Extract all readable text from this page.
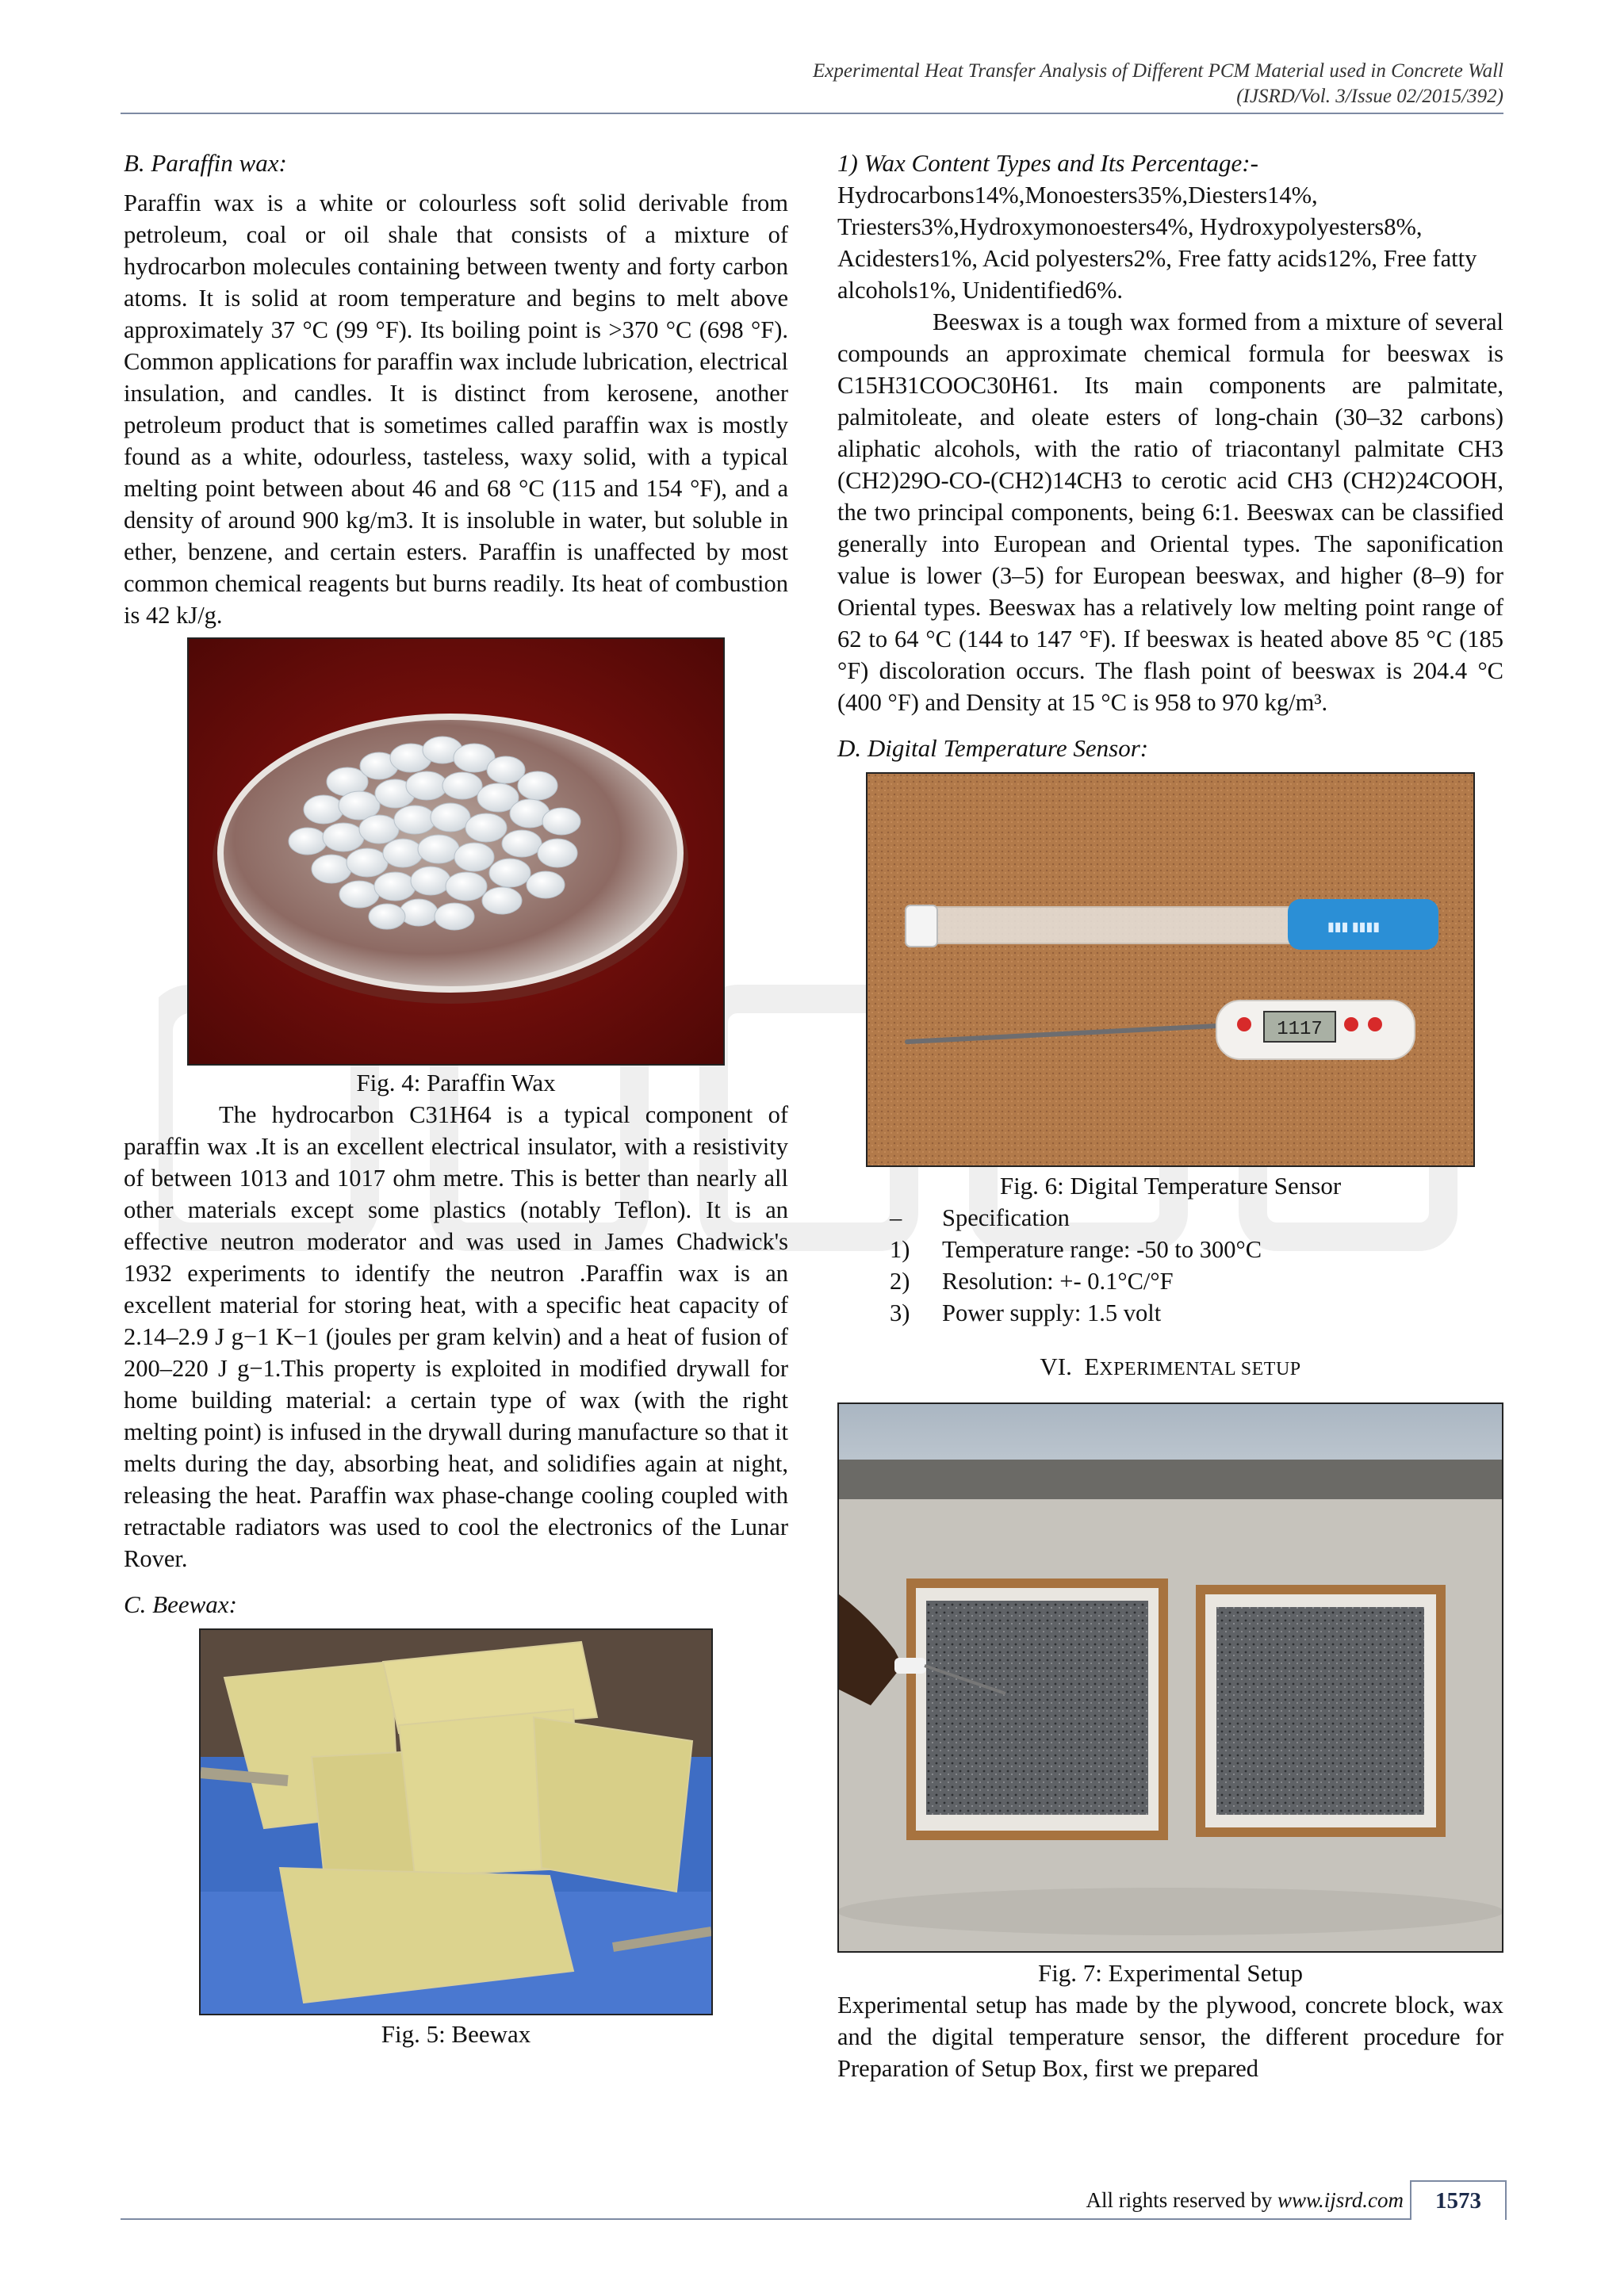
Experimental Heat Transfer Analysis of Different PCM Material used in Concrete Wall
(IJSRD/Vol. 3/Issue 02/2015/392)
B. Paraffin wax:

Paraffin wax is a white or colourless soft solid derivable from petroleum, coal or oil shale that consists of a mixture of hydrocarbon molecules containing between twenty and forty carbon atoms. It is solid at room temperature and begins to melt above approximately 37 °C (99 °F). Its boiling point is >370 °C (698 °F). Common applications for paraffin wax include lubrication, electrical insulation, and candles. It is distinct from kerosene, another petroleum product that is sometimes called paraffin wax is mostly found as a white, odourless, tasteless, waxy solid, with a typical melting point between about 46 and 68 °C (115 and 154 °F), and a density of around 900 kg/m3. It is insoluble in water, but soluble in ether, benzene, and certain esters. Paraffin is unaffected by most common chemical reagents but burns readily. Its heat of combustion is 42 kJ/g.

Fig. 4: Paraffin Wax

The hydrocarbon C31H64 is a typical component of paraffin wax .It is an excellent electrical insulator, with a resistivity of between 1013 and 1017 ohm metre. This is better than nearly all other materials except some plastics (notably Teflon). It is an effective neutron moderator and was used in James Chadwick's 1932 experiments to identify the neutron .Paraffin wax is an excellent material for storing heat, with a specific heat capacity of 2.14–2.9 J g−1 K−1 (joules per gram kelvin) and a heat of fusion of 200–220 J g−1.This property is exploited in modified drywall for home building material: a certain type of wax (with the right melting point) is infused in the drywall during manufacture so that it melts during the day, absorbing heat, and solidifies again at night, releasing the heat. Paraffin wax phase-change cooling coupled with retractable radiators was used to cool the electronics of the Lunar Rover.

C. Beewax:

Fig. 5: Beewax

1) Wax Content Types and Its Percentage:-

Hydrocarbons14%,Monoesters35%,Diesters14%, Triesters3%,Hydroxymonoesters4%, Hydroxypolyesters8%, Acidesters1%, Acid polyesters2%, Free fatty acids12%, Free fatty alcohols1%, Unidentified6%.

Beeswax is a tough wax formed from a mixture of several compounds an approximate chemical formula for beeswax is C15H31COOC30H61. Its main components are palmitate, palmitoleate, and oleate esters of long-chain (30–32 carbons) aliphatic alcohols, with the ratio of triacontanyl palmitate CH3 (CH2)29O-CO-(CH2)14CH3 to cerotic acid CH3 (CH2)24COOH, the two principal components, being 6:1. Beeswax can be classified generally into European and Oriental types. The saponification value is lower (3–5) for European beeswax, and higher (8–9) for Oriental types. Beeswax has a relatively low melting point range of 62 to 64 °C (144 to 147 °F). If beeswax is heated above 85 °C (185 °F) discoloration occurs. The flash point of beeswax is 204.4 °C (400 °F) and Density at 15 °C is 958 to 970 kg/m³.

D. Digital Temperature Sensor:
▮▮▮ ▮▮▮▮
1117

Fig. 6: Digital Temperature Sensor

–	Specification
1)	Temperature range: -50 to 300°C
2)	Resolution: +- 0.1°C/°F
3)	Power supply: 1.5 volt
VI. EXPERIMENTAL SETUP

Fig. 7: Experimental Setup

Experimental setup has made by the plywood, concrete block, wax and the digital temperature sensor, the different procedure for Preparation of Setup Box, first we prepared

All rights reserved by www.ijsrd.com	1573
